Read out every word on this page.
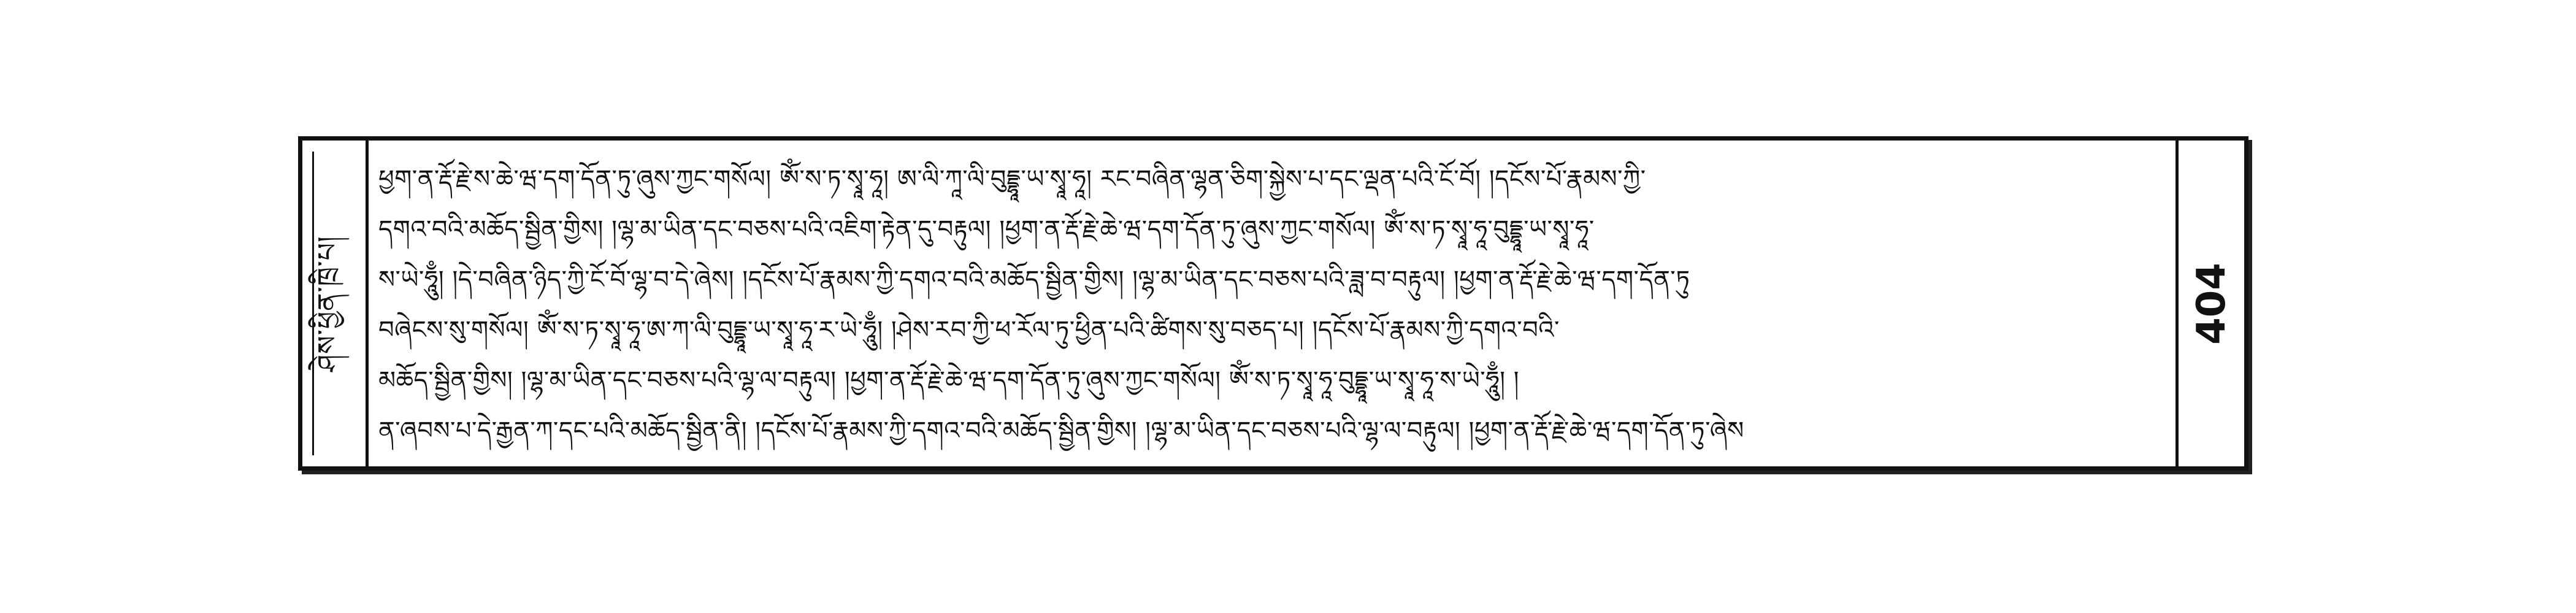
ཤེས་ཕྱིན་ཁྲི་པ།
ཕྱག་ན་རྡོ་རྗེ་ས་ཆེ་ཝ་དག་དོན་ཏུ་ཞུས་ཀྱང་གསོལ། ཨོཾ་ས་ཏ་སྭཱ་ཧཱ། ཨ་ལི་ཀཱ་ལི་བུདྡྷཱ་ཡ་སྭཱ་ཧཱ། རང་བཞིན་ལྷན་ཅིག་སྐྱེས་པ་དང་ལྡན་པའི་ངོ་བོ། །དངོས་པོ་རྣམས་ཀྱི་
དགའ་བའི་མཆོད་སྦྱིན་གྱིས། །ལྷ་མ་ཡིན་དང་བཅས་པའི་འཇིག་རྟེན་དུ་བརྟུལ། །ཕྱག་ན་རྡོ་རྗེ་ཆེ་ཝ་དག་དོན་ཏུ་ཞུས་ཀྱང་གསོལ། ཨོཾ་ས་ཏ་སྭཱ་ཧཱ་བུདྡྷཱ་ཡ་སྭཱ་ཧཱ་
ས་ཡེ་ཧཱུྃ། །དེ་བཞིན་ཉིད་ཀྱི་ངོ་བོ་ལྷ་བ་དེ་ཞེས། །དངོས་པོ་རྣམས་ཀྱི་དགའ་བའི་མཆོད་སྦྱིན་གྱིས། །ལྷ་མ་ཡིན་དང་བཅས་པའི་ཟླ་བ་བརྟུལ། །ཕྱག་ན་རྡོ་རྗེ་ཆེ་ཝ་དག་དོན་ཏུ
བཞེངས་སུ་གསོལ། ཨོཾ་ས་ཏ་སྭཱ་ཧཱ་ཨ་ཀ་ལི་བུདྡྷཱ་ཡ་སྭཱ་ཧཱ་ར་ཡེ་ཧཱུྃ། །ཤེས་རབ་ཀྱི་ཕ་རོལ་ཏུ་ཕྱིན་པའི་ཚིགས་སུ་བཅད་པ། །དངོས་པོ་རྣམས་ཀྱི་དགའ་བའི་
མཆོད་སྦྱིན་གྱིས། །ལྷ་མ་ཡིན་དང་བཅས་པའི་ལྷ་ལ་བརྟུལ། །ཕྱག་ན་རྡོ་རྗེ་ཆེ་ཝ་དག་དོན་ཏུ་ཞུས་ཀྱང་གསོལ། ཨོཾ་ས་ཏ་སྭཱ་ཧཱ་བུདྡྷཱ་ཡ་སྭཱ་ཧཱ་ས་ཡེ་ཧཱུྃ། །
ན་ཞབས་པ་དེ་རྒྱན་ཀ་དང་པའི་མཆོད་སྦྱིན་ནི། །དངོས་པོ་རྣམས་ཀྱི་དགའ་བའི་མཆོད་སྦྱིན་གྱིས། །ལྷ་མ་ཡིན་དང་བཅས་པའི་ལྷ་ལ་བརྟུལ། །ཕྱག་ན་རྡོ་རྗེ་ཆེ་ཝ་དག་དོན་ཏུ་ཞེས
404
